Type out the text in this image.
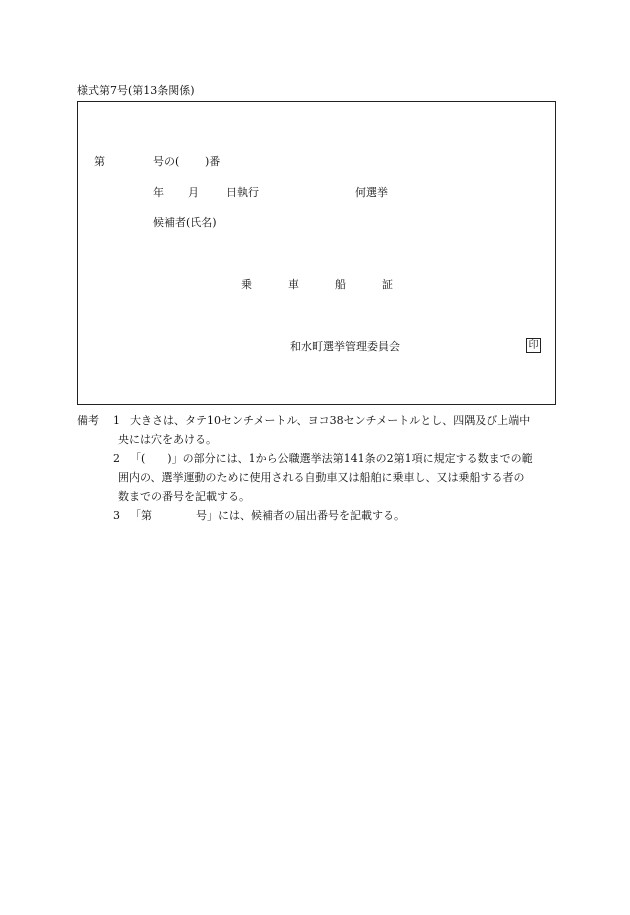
様式第7号(第13条関係)
第	号の( )番
年 月 日執行	何選挙
候補者(氏名)
乗	車	船	証
和水町選挙管理委員会	印
備考 1 大きさは、タテ10センチメートル、ヨコ38センチメートルとし、四隅及び上端中
央には穴をあける。
2 「(　　)」の部分には、1から公職選挙法第141条の2第1項に規定する数までの範
囲内の、選挙運動のために使用される自動車又は船舶に乗車し、又は乗船する者の
数までの番号を記載する。
3 「第　　　　号」には、候補者の届出番号を記載する。
